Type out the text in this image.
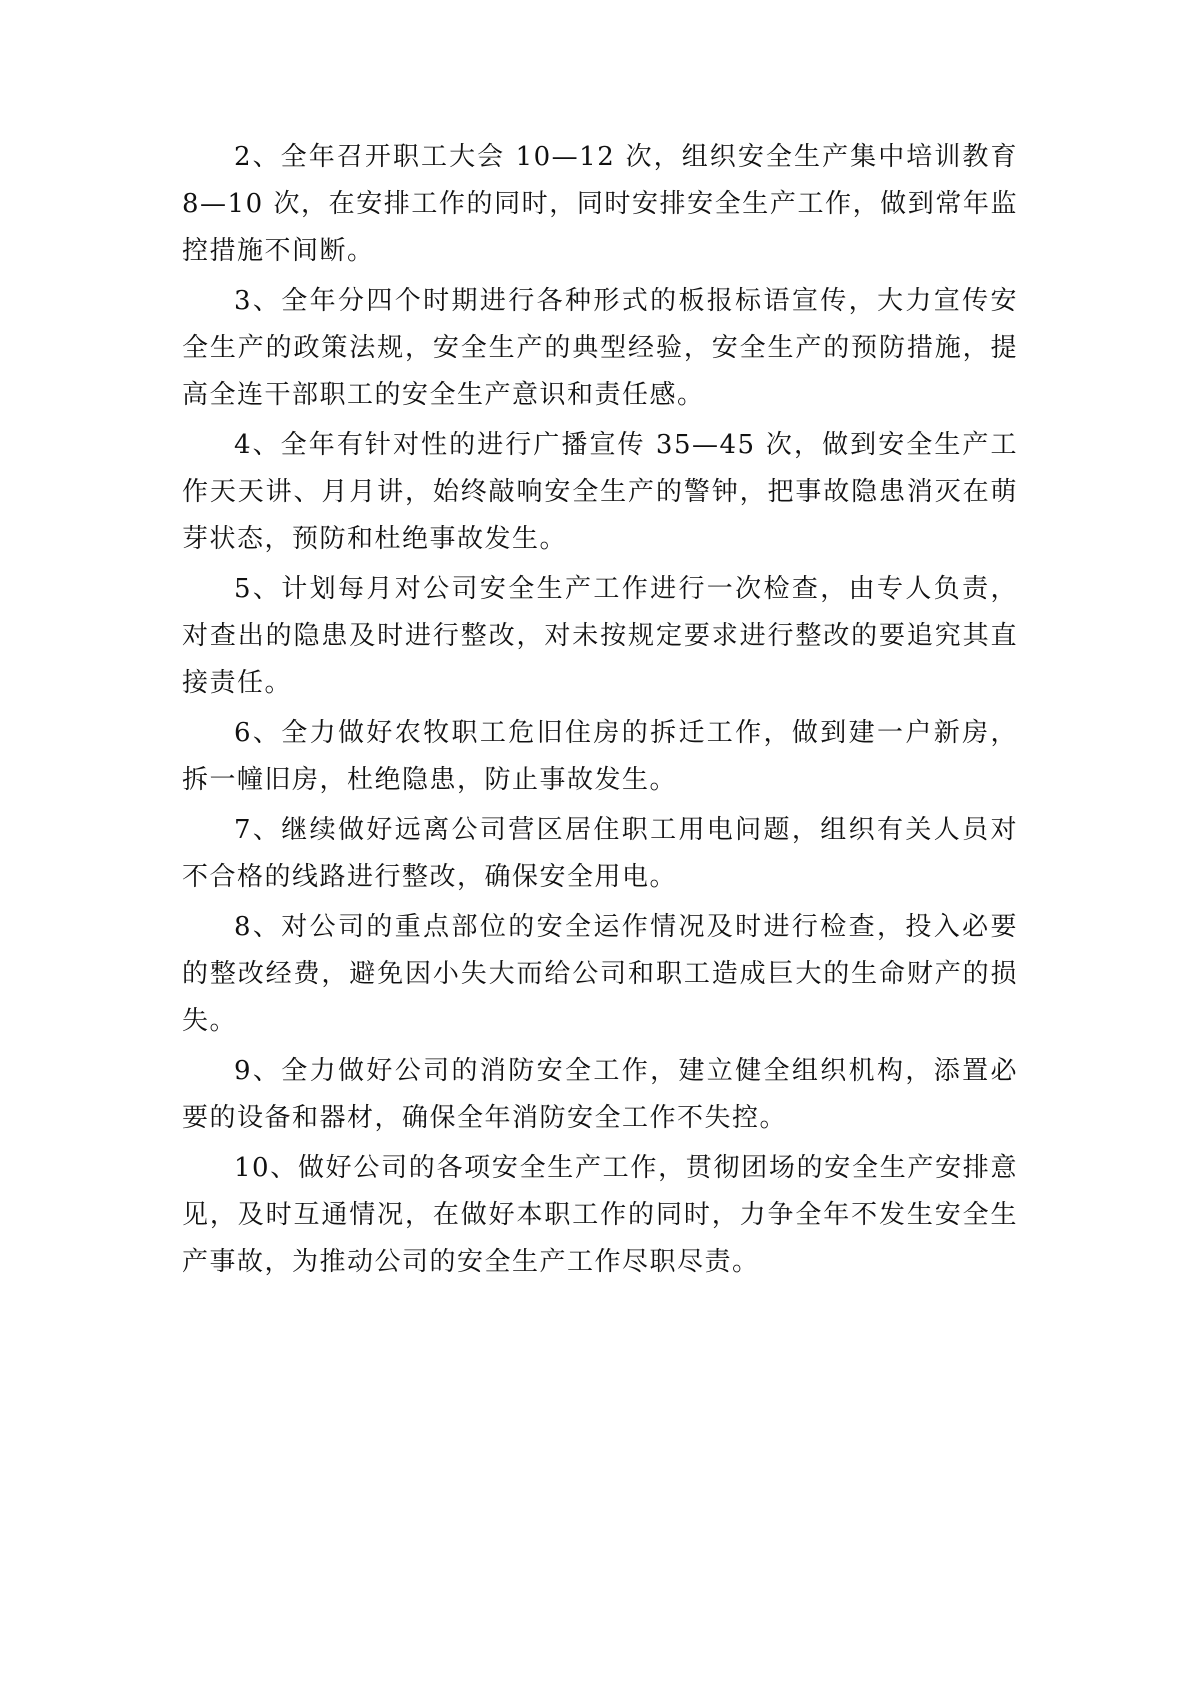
2、全年召开职工大会 10—12 次，组织安全生产集中培训教育 8—10 次，在安排工作的同时，同时安排安全生产工作，做到常年监控措施不间断。

3、全年分四个时期进行各种形式的板报标语宣传，大力宣传安全生产的政策法规，安全生产的典型经验，安全生产的预防措施，提高全连干部职工的安全生产意识和责任感。

4、全年有针对性的进行广播宣传 35—45 次，做到安全生产工作天天讲、月月讲，始终敲响安全生产的警钟，把事故隐患消灭在萌芽状态，预防和杜绝事故发生。

5、计划每月对公司安全生产工作进行一次检查，由专人负责，对查出的隐患及时进行整改，对未按规定要求进行整改的要追究其直接责任。

6、全力做好农牧职工危旧住房的拆迁工作，做到建一户新房，拆一幢旧房，杜绝隐患，防止事故发生。

7、继续做好远离公司营区居住职工用电问题，组织有关人员对不合格的线路进行整改，确保安全用电。

8、对公司的重点部位的安全运作情况及时进行检查，投入必要的整改经费，避免因小失大而给公司和职工造成巨大的生命财产的损失。

9、全力做好公司的消防安全工作，建立健全组织机构，添置必要的设备和器材，确保全年消防安全工作不失控。

10、做好公司的各项安全生产工作，贯彻团场的安全生产安排意见，及时互通情况，在做好本职工作的同时，力争全年不发生安全生产事故，为推动公司的安全生产工作尽职尽责。
